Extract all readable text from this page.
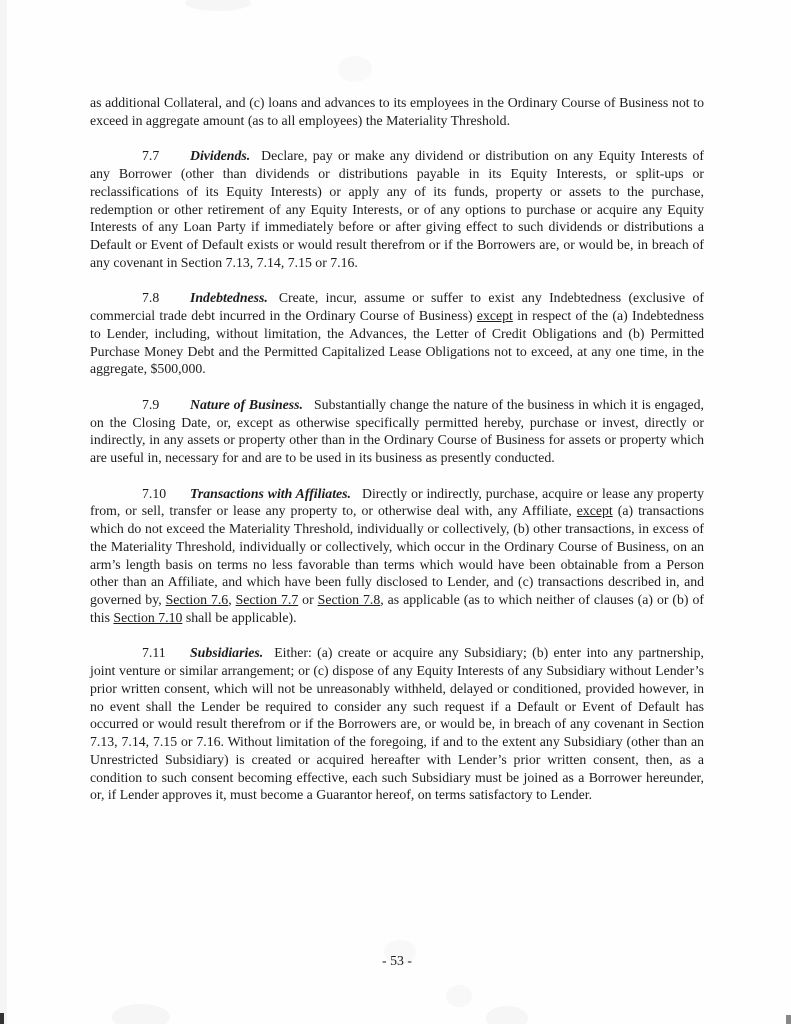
as additional Collateral, and (c) loans and advances to its employees in the Ordinary Course of Business not to exceed in aggregate amount (as to all employees) the Materiality Threshold.

7.7 Dividends. Declare, pay or make any dividend or distribution on any Equity Interests of any Borrower (other than dividends or distributions payable in its Equity Interests, or split-ups or reclassifications of its Equity Interests) or apply any of its funds, property or assets to the purchase, redemption or other retirement of any Equity Interests, or of any options to purchase or acquire any Equity Interests of any Loan Party if immediately before or after giving effect to such dividends or distributions a Default or Event of Default exists or would result therefrom or if the Borrowers are, or would be, in breach of any covenant in Section 7.13, 7.14, 7.15 or 7.16.

7.8 Indebtedness. Create, incur, assume or suffer to exist any Indebtedness (exclusive of commercial trade debt incurred in the Ordinary Course of Business) except in respect of the (a) Indebtedness to Lender, including, without limitation, the Advances, the Letter of Credit Obligations and (b) Permitted Purchase Money Debt and the Permitted Capitalized Lease Obligations not to exceed, at any one time, in the aggregate, $500,000.

7.9 Nature of Business. Substantially change the nature of the business in which it is engaged, on the Closing Date, or, except as otherwise specifically permitted hereby, purchase or invest, directly or indirectly, in any assets or property other than in the Ordinary Course of Business for assets or property which are useful in, necessary for and are to be used in its business as presently conducted.

7.10 Transactions with Affiliates. Directly or indirectly, purchase, acquire or lease any property from, or sell, transfer or lease any property to, or otherwise deal with, any Affiliate, except (a) transactions which do not exceed the Materiality Threshold, individually or collectively, (b) other transactions, in excess of the Materiality Threshold, individually or collectively, which occur in the Ordinary Course of Business, on an arm’s length basis on terms no less favorable than terms which would have been obtainable from a Person other than an Affiliate, and which have been fully disclosed to Lender, and (c) transactions described in, and governed by, Section 7.6, Section 7.7 or Section 7.8, as applicable (as to which neither of clauses (a) or (b) of this Section 7.10 shall be applicable).

7.11 Subsidiaries. Either: (a) create or acquire any Subsidiary; (b) enter into any partnership, joint venture or similar arrangement; or (c) dispose of any Equity Interests of any Subsidiary without Lender’s prior written consent, which will not be unreasonably withheld, delayed or conditioned, provided however, in no event shall the Lender be required to consider any such request if a Default or Event of Default has occurred or would result therefrom or if the Borrowers are, or would be, in breach of any covenant in Section 7.13, 7.14, 7.15 or 7.16. Without limitation of the foregoing, if and to the extent any Subsidiary (other than an Unrestricted Subsidiary) is created or acquired hereafter with Lender’s prior written consent, then, as a condition to such consent becoming effective, each such Subsidiary must be joined as a Borrower hereunder, or, if Lender approves it, must become a Guarantor hereof, on terms satisfactory to Lender.

- 53 -
